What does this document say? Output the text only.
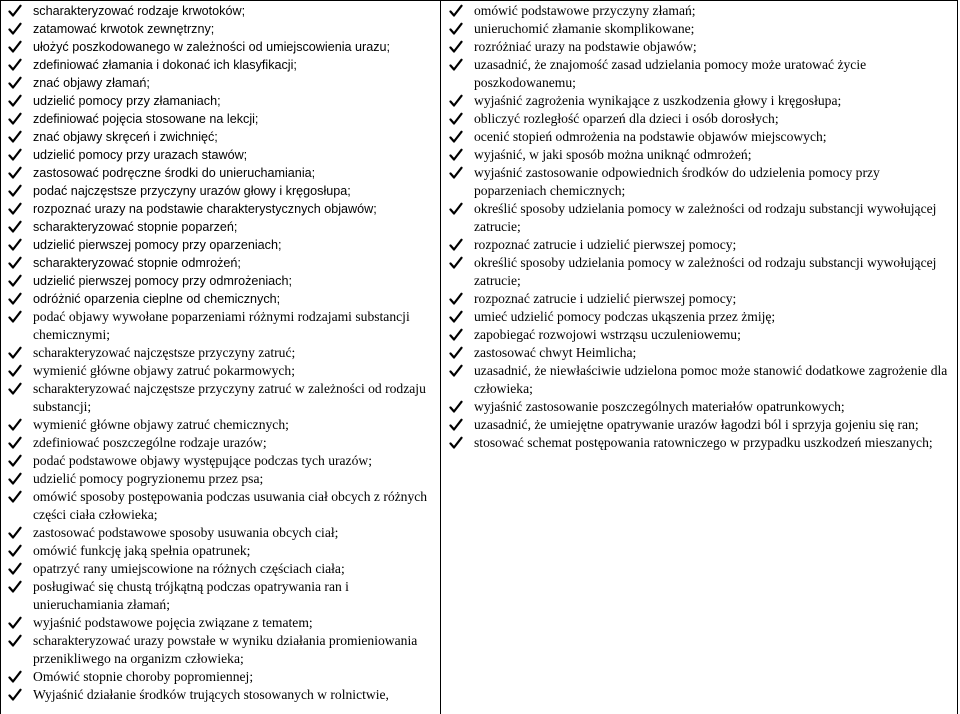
scharakteryzować rodzaje krwotoków;
zatamować krwotok zewnętrzny;
ułożyć poszkodowanego w zależności od umiejscowienia urazu;
zdefiniować złamania i dokonać ich klasyfikacji;
znać objawy złamań;
udzielić pomocy przy złamaniach;
zdefiniować pojęcia stosowane na lekcji;
znać objawy skręceń i zwichnięć;
udzielić pomocy przy urazach stawów;
zastosować podręczne środki do unieruchamiania;
podać najczęstsze przyczyny urazów głowy i kręgosłupa;
rozpoznać urazy na podstawie charakterystycznych objawów;
scharakteryzować stopnie poparzeń;
udzielić pierwszej pomocy przy oparzeniach;
scharakteryzować stopnie odmrożeń;
udzielić pierwszej pomocy przy odmrożeniach;
odróżnić oparzenia cieplne od chemicznych;
podać objawy wywołane poparzeniami różnymi rodzajami substancji chemicznymi;
scharakteryzować najczęstsze przyczyny zatruć;
wymienić główne objawy zatruć pokarmowych;
scharakteryzować najczęstsze przyczyny zatruć w zależności od rodzaju substancji;
wymienić główne objawy zatruć chemicznych;
zdefiniować poszczególne rodzaje urazów;
podać podstawowe objawy występujące podczas tych urazów;
udzielić pomocy pogryzionemu przez psa;
omówić sposoby postępowania podczas usuwania ciał obcych z różnych części ciała człowieka;
zastosować podstawowe sposoby usuwania obcych ciał;
omówić funkcję jaką spełnia opatrunek;
opatrzyć rany umiejscowione na różnych częściach ciała;
posługiwać się chustą trójkątną podczas opatrywania ran i unieruchamiania złamań;
wyjaśnić podstawowe pojęcia związane z tematem;
scharakteryzować urazy powstałe w wyniku działania promieniowania przenikliwego na organizm człowieka;
Omówić stopnie choroby popromiennej;
Wyjaśnić działanie środków trujących stosowanych w rolnictwie,
omówić podstawowe przyczyny złamań;
unieruchomić złamanie skomplikowane;
rozróżniać urazy na podstawie objawów;
uzasadnić, że znajomość zasad udzielania pomocy może uratować życie poszkodowanemu;
wyjaśnić zagrożenia wynikające z uszkodzenia głowy i kręgosłupa;
obliczyć rozległość oparzeń dla dzieci i osób dorosłych;
ocenić stopień odmrożenia na podstawie objawów miejscowych;
wyjaśnić, w jaki sposób można uniknąć odmrożeń;
wyjaśnić zastosowanie odpowiednich środków do udzielenia pomocy przy poparzeniach chemicznych;
określić sposoby udzielania pomocy w zależności od rodzaju substancji wywołującej zatrucie;
rozpoznać zatrucie i udzielić pierwszej pomocy;
określić sposoby udzielania pomocy w zależności od rodzaju substancji wywołującej zatrucie;
rozpoznać zatrucie i udzielić pierwszej pomocy;
umieć udzielić pomocy podczas ukąszenia przez żmiję;
zapobiegać rozwojowi wstrząsu uczuleniowemu;
zastosować chwyt Heimlicha;
uzasadnić, że niewłaściwie udzielona pomoc może stanowić dodatkowe zagrożenie dla człowieka;
wyjaśnić zastosowanie poszczególnych materiałów opatrunkowych;
uzasadnić, że umiejętne opatrywanie urazów łagodzi ból i sprzyja gojeniu się ran;
stosować schemat postępowania ratowniczego w przypadku uszkodzeń mieszanych;
